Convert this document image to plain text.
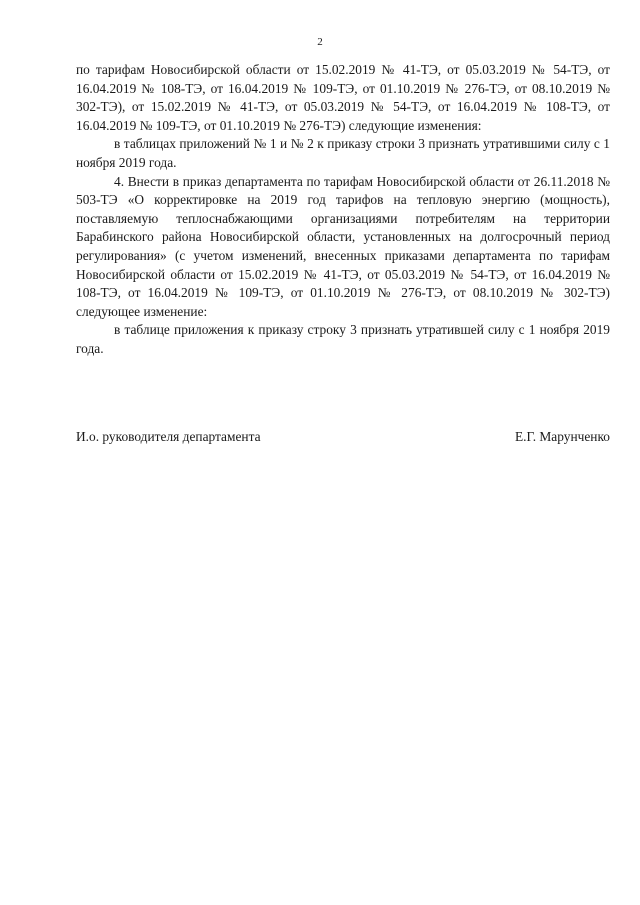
2

по тарифам Новосибирской области от 15.02.2019 № 41-ТЭ, от 05.03.2019 № 54-ТЭ, от 16.04.2019 № 108-ТЭ, от 16.04.2019 № 109-ТЭ, от 01.10.2019 № 276-ТЭ, от 08.10.2019 № 302-ТЭ), от 15.02.2019 № 41-ТЭ, от 05.03.2019 № 54-ТЭ, от 16.04.2019 № 108-ТЭ, от 16.04.2019 № 109-ТЭ, от 01.10.2019 № 276-ТЭ) следующие изменения:

в таблицах приложений № 1 и № 2 к приказу строки 3 признать утратившими силу с 1 ноября 2019 года.

4. Внести в приказ департамента по тарифам Новосибирской области от 26.11.2018 № 503-ТЭ «О корректировке на 2019 год тарифов на тепловую энергию (мощность), поставляемую теплоснабжающими организациями потребителям на территории Барабинского района Новосибирской области, установленных на долгосрочный период регулирования» (с учетом изменений, внесенных приказами департамента по тарифам Новосибирской области от 15.02.2019 № 41-ТЭ, от 05.03.2019 № 54-ТЭ, от 16.04.2019 № 108-ТЭ, от 16.04.2019 № 109-ТЭ, от 01.10.2019 № 276-ТЭ, от 08.10.2019 № 302-ТЭ) следующее изменение:

в таблице приложения к приказу строку 3 признать утратившей силу с 1 ноября 2019 года.

И.о. руководителя департамента	Е.Г. Марунченко
